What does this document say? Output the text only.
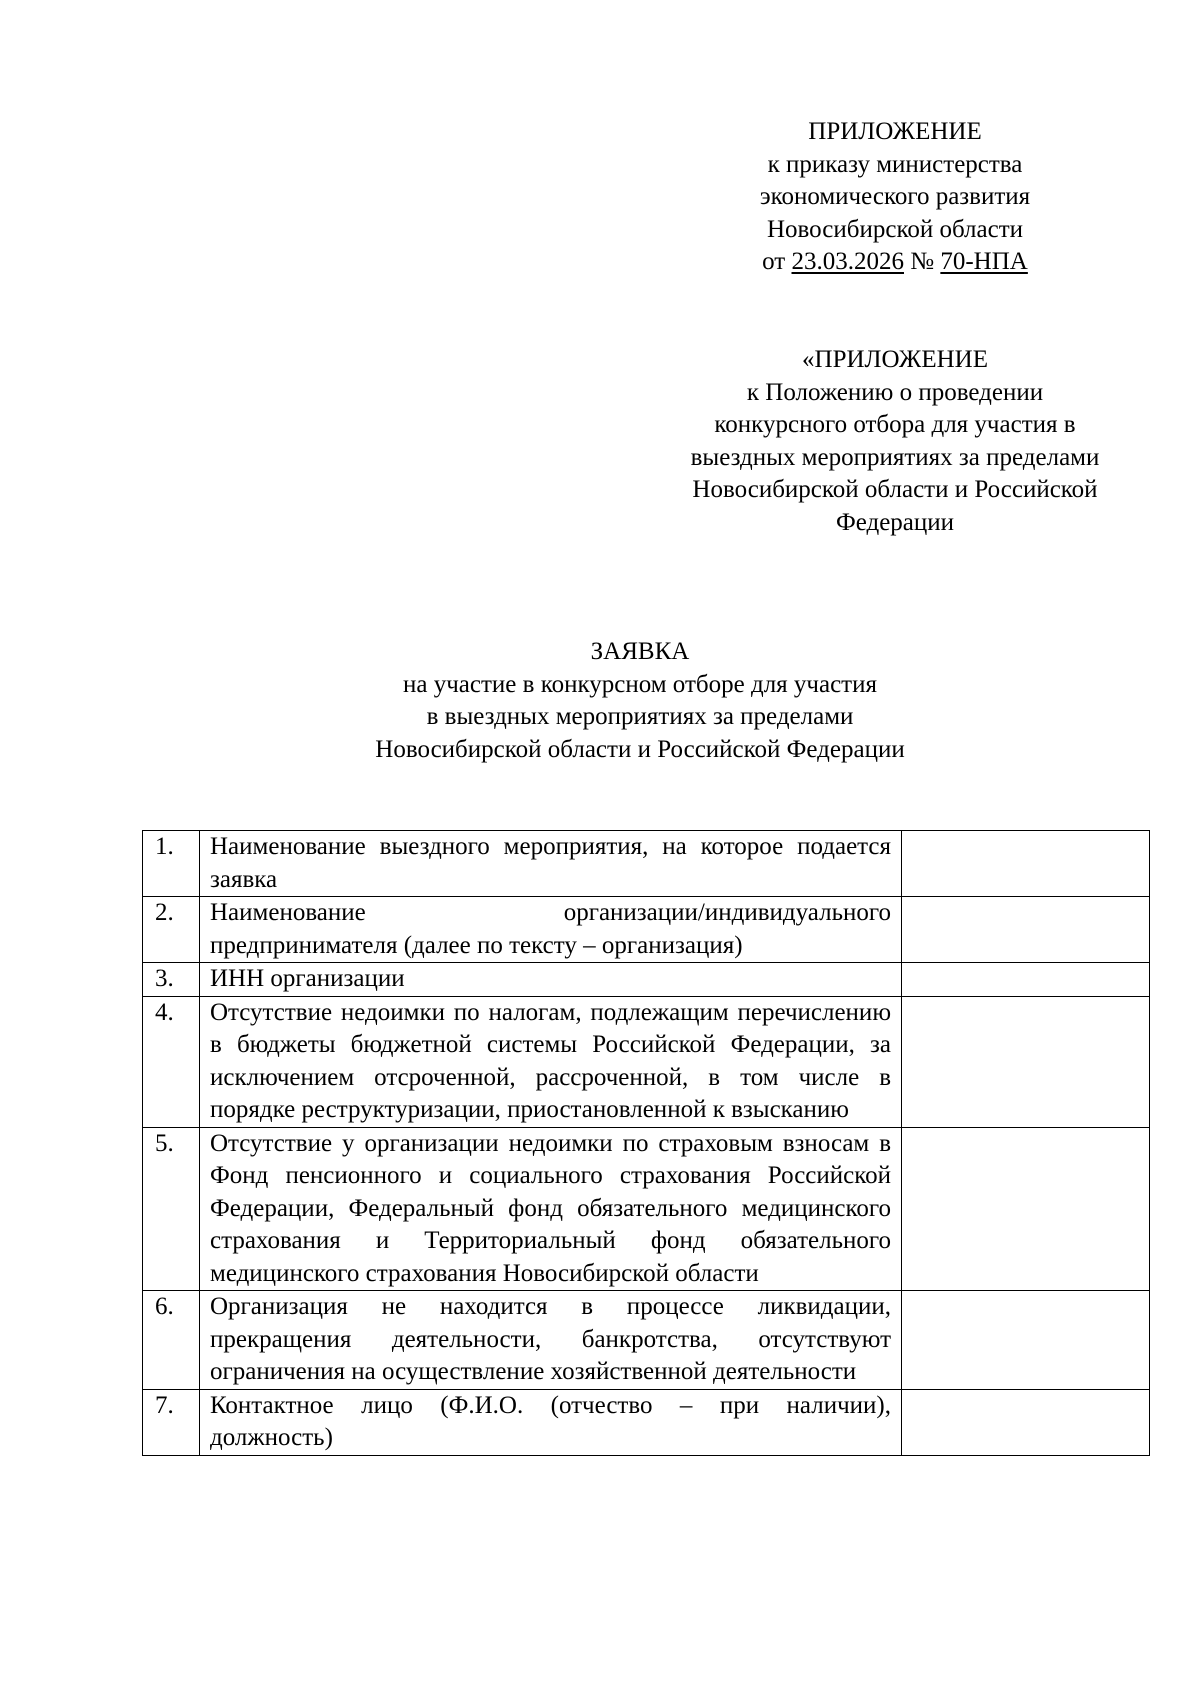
ПРИЛОЖЕНИЕ
к приказу министерства
экономического развития
Новосибирской области
от 23.03.2026 № 70-НПА
«ПРИЛОЖЕНИЕ
к Положению о проведении
конкурсного отбора для участия в
выездных мероприятиях за пределами
Новосибирской области и Российской
Федерации
ЗАЯВКА
на участие в конкурсном отборе для участия
в выездных мероприятиях за пределами
Новосибирской области и Российской Федерации
1.	Наименование выездного мероприятия, на которое подается заявка	
2.	Наименование организации/индивидуального предпринимателя (далее по тексту – организация)	
3.	ИНН организации	
4.	Отсутствие недоимки по налогам, подлежащим перечислению в бюджеты бюджетной системы Российской Федерации, за исключением отсроченной, рассроченной, в том числе в порядке реструктуризации, приостановленной к взысканию	
5.	Отсутствие у организации недоимки по страховым взносам в Фонд пенсионного и социального страхования Российской Федерации, Федеральный фонд обязательного медицинского страхования и Территориальный фонд обязательного медицинского страхования Новосибирской области	
6.	Организация не находится в процессе ликвидации, прекращения деятельности, банкротства, отсутствуют ограничения на осуществление хозяйственной деятельности	
7.	Контактное лицо (Ф.И.О. (отчество – при наличии), должность)	
